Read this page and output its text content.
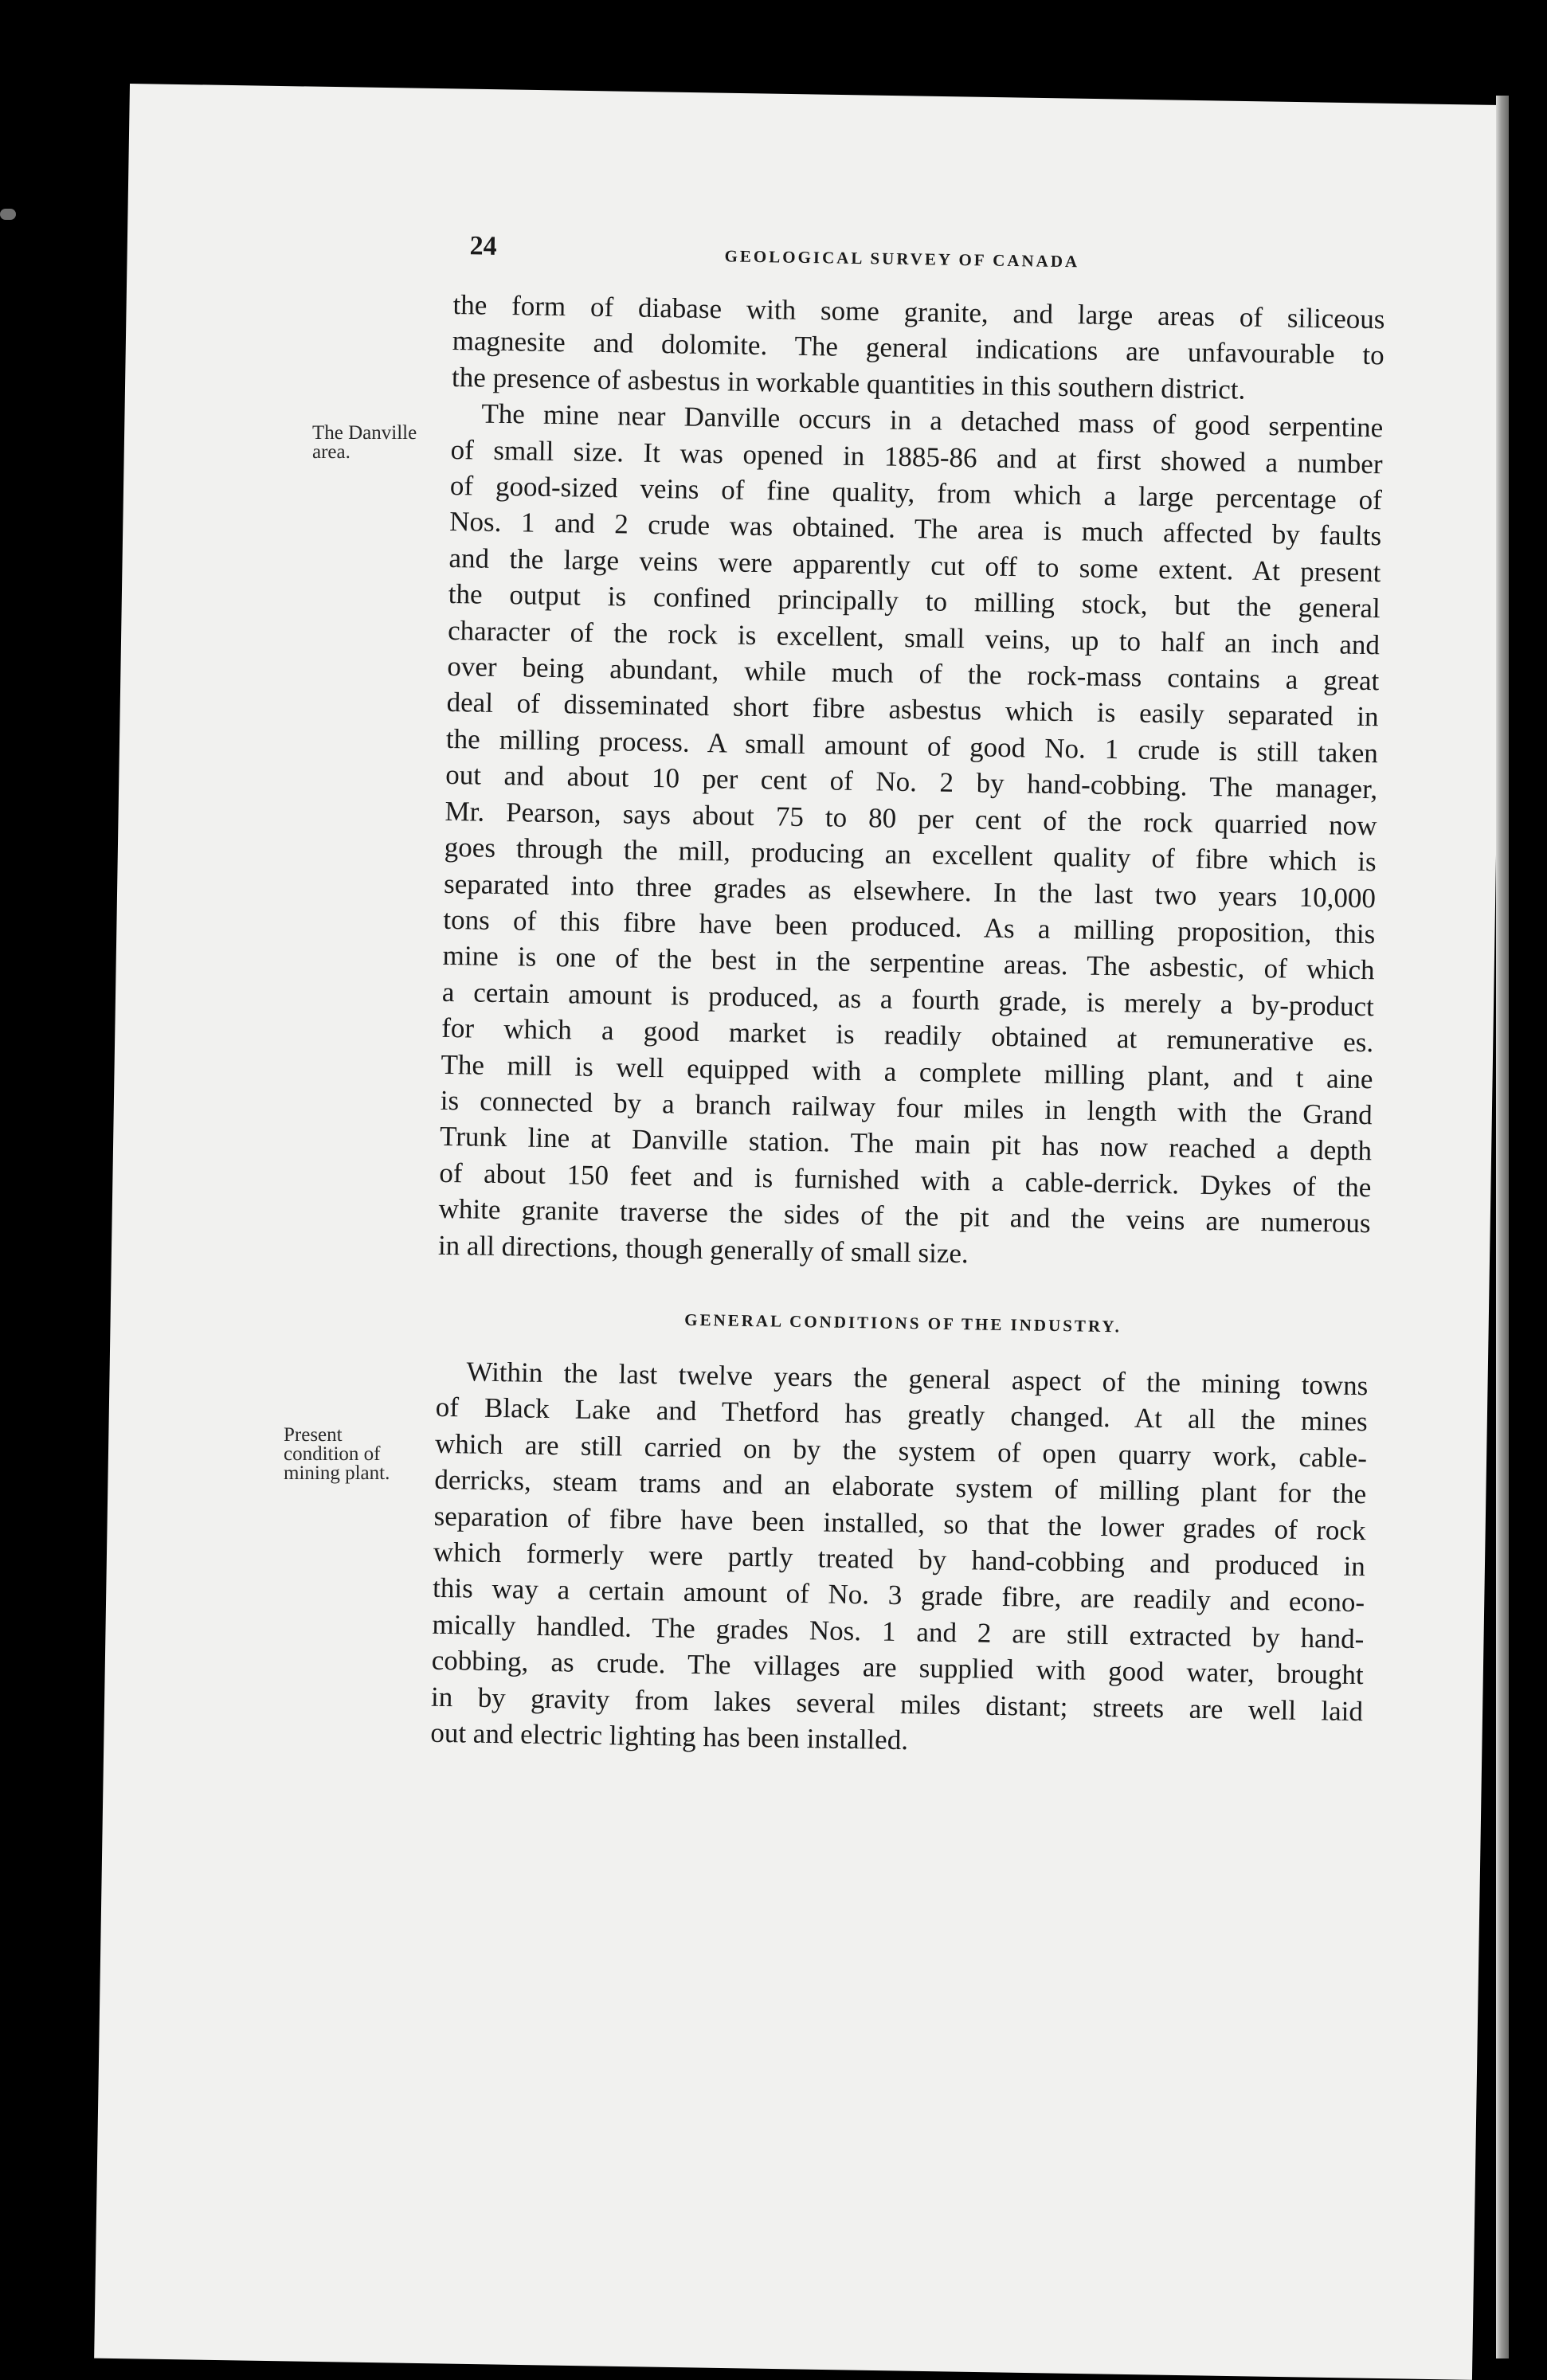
The Danville
area.
Present
condition of
mining plant.
24	GEOLOGICAL SURVEY OF CANADA

the form of diabase with some granite, and large areas of siliceous

magnesite and dolomite. The general indications are unfavourable to

the presence of asbestus in workable quantities in this southern district.

The mine near Danville occurs in a detached mass of good serpentine

of small size. It was opened in 1885-86 and at first showed a number

of good-sized veins of fine quality, from which a large percentage of

Nos. 1 and 2 crude was obtained. The area is much affected by faults

and the large veins were apparently cut off to some extent. At present

the output is confined principally to milling stock, but the general

character of the rock is excellent, small veins, up to half an inch and

over being abundant, while much of the rock-mass contains a great

deal of disseminated short fibre asbestus which is easily separated in

the milling process. A small amount of good No. 1 crude is still taken

out and about 10 per cent of No. 2 by hand-cobbing. The manager,

Mr. Pearson, says about 75 to 80 per cent of the rock quarried now

goes through the mill, producing an excellent quality of fibre which is

separated into three grades as elsewhere. In the last two years 10,000

tons of this fibre have been produced. As a milling proposition, this

mine is one of the best in the serpentine areas. The asbestic, of which

a certain amount is produced, as a fourth grade, is merely a by-product

for which a good market is readily obtained at remunerative es.

The mill is well equipped with a complete milling plant, and t aine

is connected by a branch railway four miles in length with the Grand

Trunk line at Danville station. The main pit has now reached a depth

of about 150 feet and is furnished with a cable-derrick. Dykes of the

white granite traverse the sides of the pit and the veins are numerous

in all directions, though generally of small size.

GENERAL CONDITIONS OF THE INDUSTRY.

Within the last twelve years the general aspect of the mining towns

of Black Lake and Thetford has greatly changed. At all the mines

which are still carried on by the system of open quarry work, cable-

derricks, steam trams and an elaborate system of milling plant for the

separation of fibre have been installed, so that the lower grades of rock

which formerly were partly treated by hand-cobbing and produced in

this way a certain amount of No. 3 grade fibre, are readily and econo-

mically handled. The grades Nos. 1 and 2 are still extracted by hand-

cobbing, as crude. The villages are supplied with good water, brought

in by gravity from lakes several miles distant; streets are well laid

out and electric lighting has been installed.
